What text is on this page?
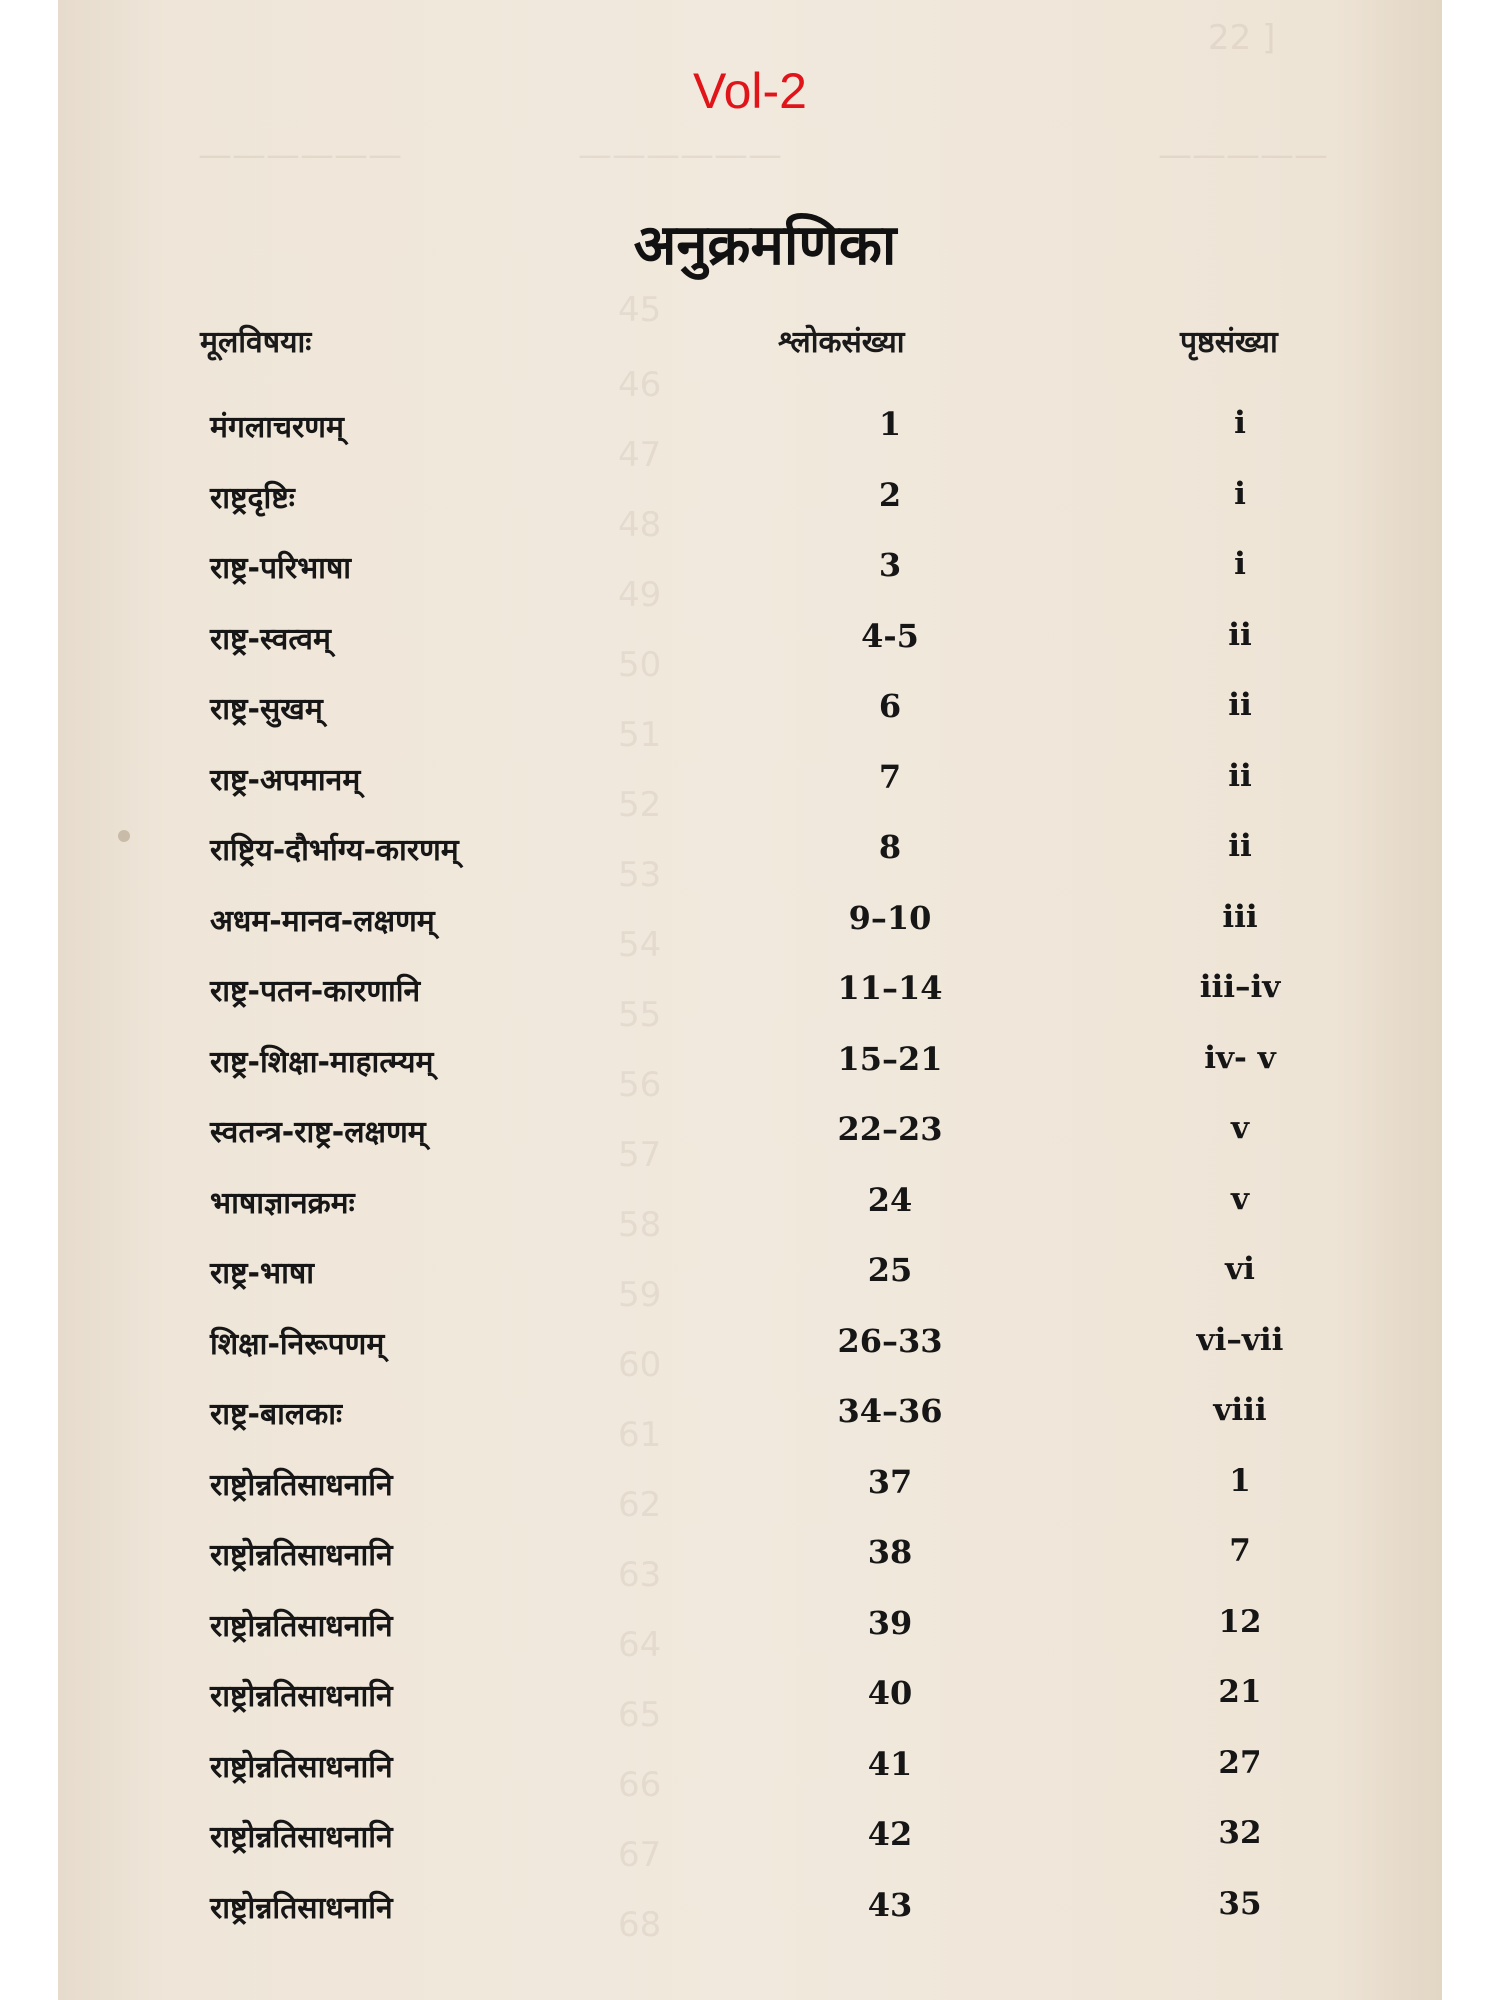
22 ]
—————
——————
——————
45
46
47
48
49
50
51
52
53
54
55
56
57
58
59
60
61
62
63
64
65
66
67
68
Vol-2
अनुक्रमणिका
मूलविषयाः	श्लोकसंख्या	पृष्ठसंख्या
मंगलाचरणम्	1	i
राष्ट्रदृष्टिः	2	i
राष्ट्र-परिभाषा	3	i
राष्ट्र-स्वत्वम्	4-5	ii
राष्ट्र-सुखम्	6	ii
राष्ट्र-अपमानम्	7	ii
राष्ट्रिय-दौर्भाग्य-कारणम्	8	ii
अधम-मानव-लक्षणम्	9–10	iii
राष्ट्र-पतन-कारणानि	11–14	iii–iv
राष्ट्र-शिक्षा-माहात्म्यम्	15–21	iv- v
स्वतन्त्र-राष्ट्र-लक्षणम्	22–23	v
भाषाज्ञानक्रमः	24	v
राष्ट्र-भाषा	25	vi
शिक्षा-निरूपणम्	26–33	vi–vii
राष्ट्र-बालकाः	34–36	viii
राष्ट्रोन्नतिसाधनानि	37	1
राष्ट्रोन्नतिसाधनानि	38	7
राष्ट्रोन्नतिसाधनानि	39	12
राष्ट्रोन्नतिसाधनानि	40	21
राष्ट्रोन्नतिसाधनानि	41	27
राष्ट्रोन्नतिसाधनानि	42	32
राष्ट्रोन्नतिसाधनानि	43	35
